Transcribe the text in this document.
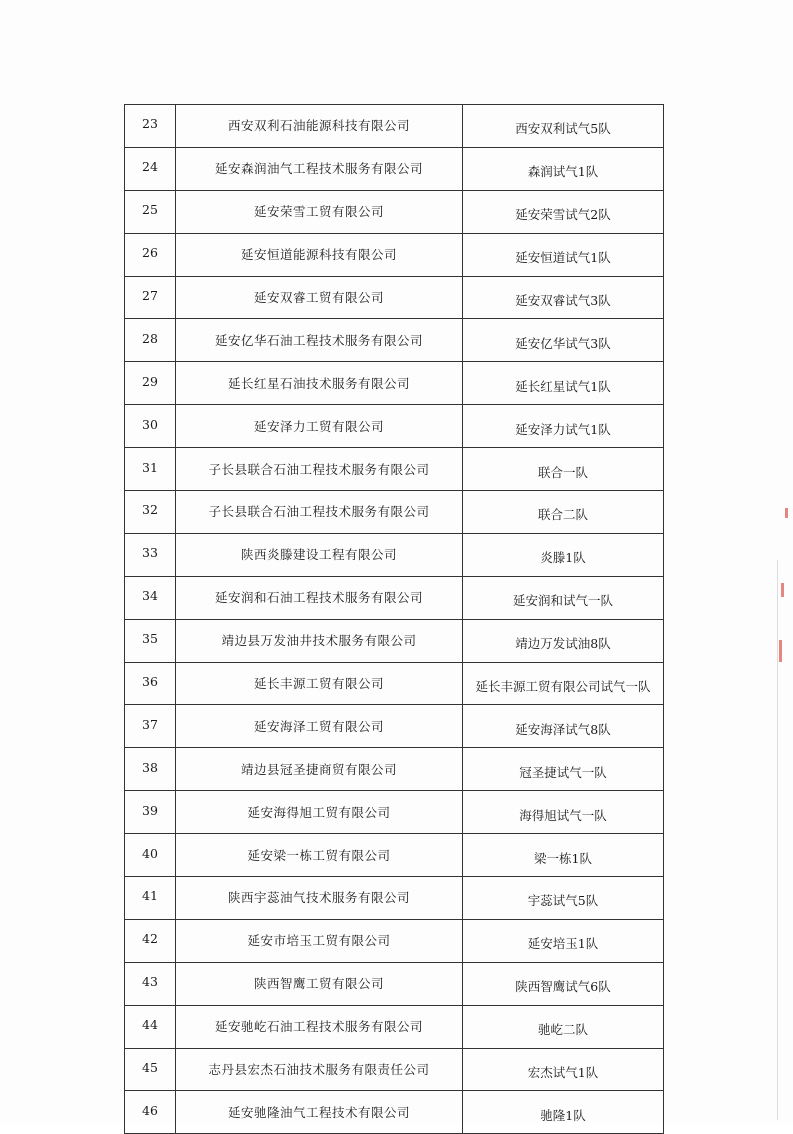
23	西安双利石油能源科技有限公司	西安双利试气5队
24	延安森润油气工程技术服务有限公司	森润试气1队
25	延安荣雪工贸有限公司	延安荣雪试气2队
26	延安恒道能源科技有限公司	延安恒道试气1队
27	延安双睿工贸有限公司	延安双睿试气3队
28	延安亿华石油工程技术服务有限公司	延安亿华试气3队
29	延长红星石油技术服务有限公司	延长红星试气1队
30	延安泽力工贸有限公司	延安泽力试气1队
31	子长县联合石油工程技术服务有限公司	联合一队
32	子长县联合石油工程技术服务有限公司	联合二队
33	陕西炎滕建设工程有限公司	炎滕1队
34	延安润和石油工程技术服务有限公司	延安润和试气一队
35	靖边县万发油井技术服务有限公司	靖边万发试油8队
36	延长丰源工贸有限公司	延长丰源工贸有限公司试气一队
37	延安海泽工贸有限公司	延安海泽试气8队
38	靖边县冠圣捷商贸有限公司	冠圣捷试气一队
39	延安海得旭工贸有限公司	海得旭试气一队
40	延安梁一栋工贸有限公司	梁一栋1队
41	陕西宇蕊油气技术服务有限公司	宇蕊试气5队
42	延安市培玉工贸有限公司	延安培玉1队
43	陕西智鹰工贸有限公司	陕西智鹰试气6队
44	延安驰屹石油工程技术服务有限公司	驰屹二队
45	志丹县宏杰石油技术服务有限责任公司	宏杰试气1队
46	延安驰隆油气工程技术有限公司	驰隆1队
